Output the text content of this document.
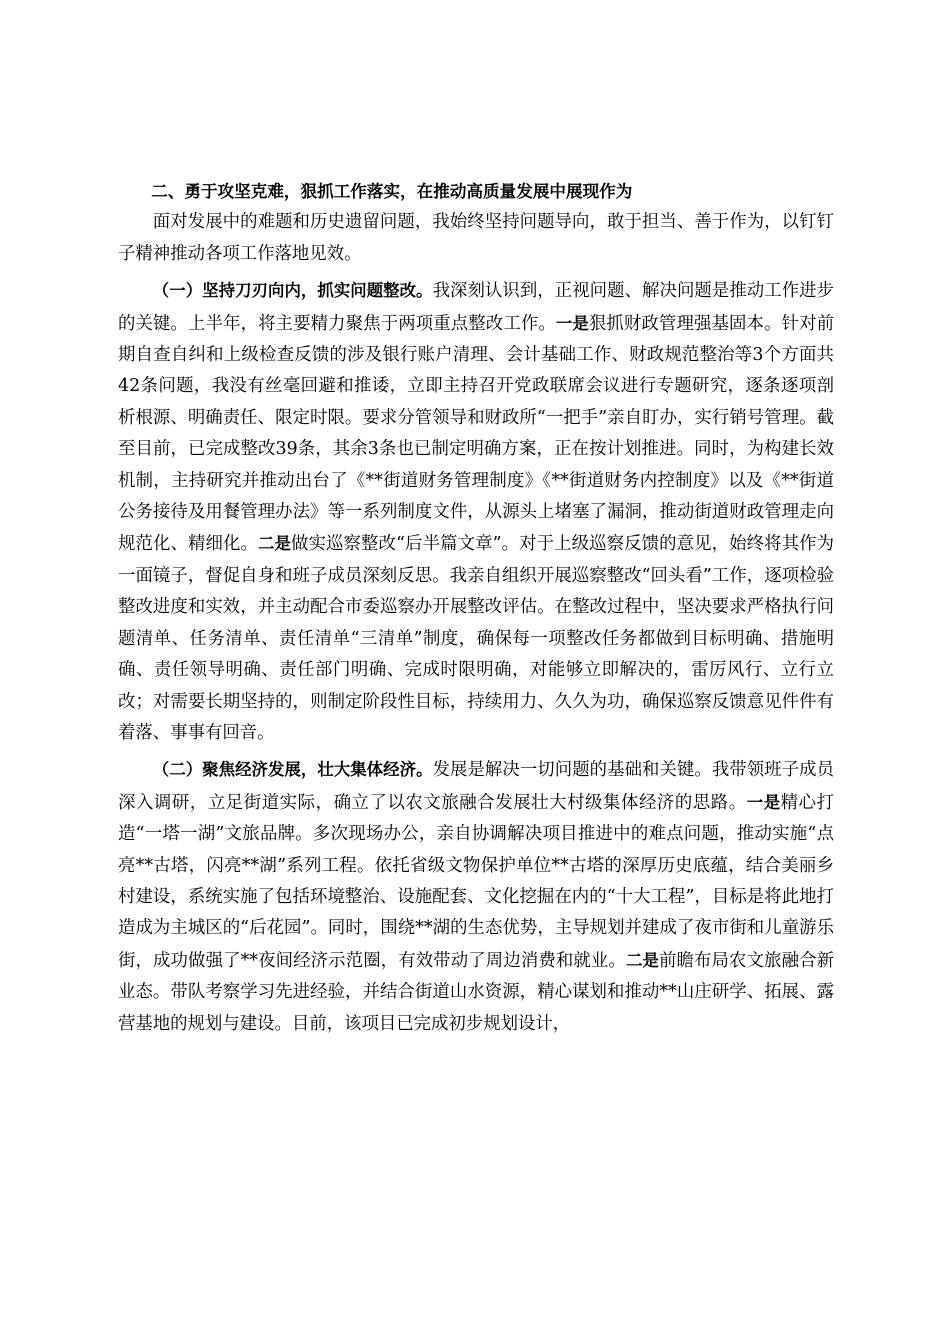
二、勇于攻坚克难，狠抓工作落实，在推动高质量发展中展现作为

面对发展中的难题和历史遗留问题，我始终坚持问题导向，敢于担当、善于作为，以钉钉子精神推动各项工作落地见效。

（一）坚持刀刃向内，抓实问题整改。我深刻认识到，正视问题、解决问题是推动工作进步的关键。上半年，将主要精力聚焦于两项重点整改工作。一是狠抓财政管理强基固本。针对前期自查自纠和上级检查反馈的涉及银行账户清理、会计基础工作、财政规范整治等3个方面共42条问题，我没有丝毫回避和推诿，立即主持召开党政联席会议进行专题研究，逐条逐项剖析根源、明确责任、限定时限。要求分管领导和财政所“一把手”亲自盯办，实行销号管理。截至目前，已完成整改39条，其余3条也已制定明确方案，正在按计划推进。同时，为构建长效机制，主持研究并推动出台了《**街道财务管理制度》《**街道财务内控制度》以及《**街道公务接待及用餐管理办法》等一系列制度文件，从源头上堵塞了漏洞，推动街道财政管理走向规范化、精细化。二是做实巡察整改“后半篇文章”。对于上级巡察反馈的意见，始终将其作为一面镜子，督促自身和班子成员深刻反思。我亲自组织开展巡察整改“回头看”工作，逐项检验整改进度和实效，并主动配合市委巡察办开展整改评估。在整改过程中，坚决要求严格执行问题清单、任务清单、责任清单“三清单”制度，确保每一项整改任务都做到目标明确、措施明确、责任领导明确、责任部门明确、完成时限明确，对能够立即解决的，雷厉风行、立行立改；对需要长期坚持的，则制定阶段性目标，持续用力、久久为功，确保巡察反馈意见件件有着落、事事有回音。

（二）聚焦经济发展，壮大集体经济。发展是解决一切问题的基础和关键。我带领班子成员深入调研，立足街道实际，确立了以农文旅融合发展壮大村级集体经济的思路。一是精心打造“一塔一湖”文旅品牌。多次现场办公，亲自协调解决项目推进中的难点问题，推动实施“点亮**古塔，闪亮**湖”系列工程。依托省级文物保护单位**古塔的深厚历史底蕴，结合美丽乡村建设，系统实施了包括环境整治、设施配套、文化挖掘在内的“十大工程”，目标是将此地打造成为主城区的“后花园”。同时，围绕**湖的生态优势，主导规划并建成了夜市街和儿童游乐街，成功做强了**夜间经济示范圈，有效带动了周边消费和就业。二是前瞻布局农文旅融合新业态。带队考察学习先进经验，并结合街道山水资源，精心谋划和推动**山庄研学、拓展、露营基地的规划与建设。目前，该项目已完成初步规划设计，
